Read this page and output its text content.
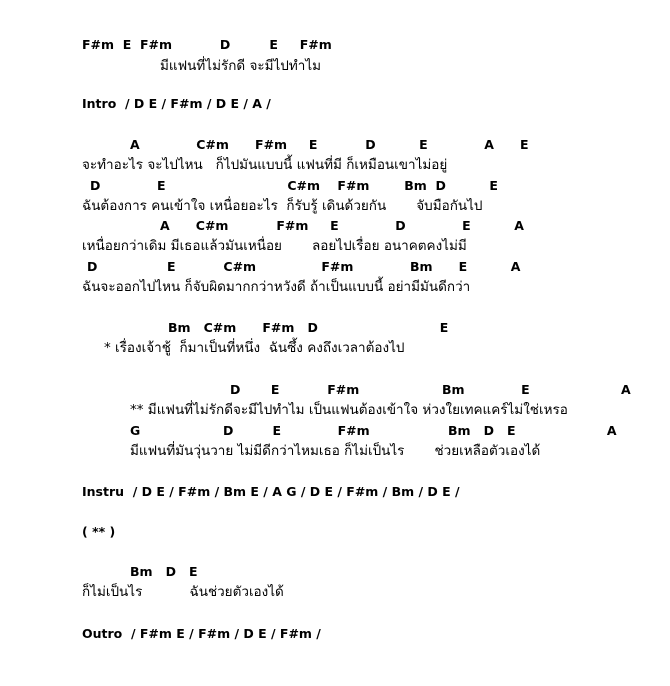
F#m  E  F#m           D         E     F#m
มีแฟนที่ไม่รักดี จะมีไปทำไม
Intro  / D E / F#m / D E / A /
A             C#m      F#m     E           D          E             A      E
จะทำอะไร จะไปไหน   ก็ไปมันแบบนี้ แฟนที่มี ก็เหมือนเขาไม่อยู่
D             E                            C#m    F#m        Bm  D          E
ฉันต้องการ คนเข้าใจ เหนื่อยอะไร  ก็รับรู้ เดินด้วยกัน       จับมือกันไป
A      C#m           F#m     E             D             E          A
เหนื่อยกว่าเดิม มีเธอแล้วมันเหนื่อย       ลอยไปเรื่อย อนาคตคงไม่มี
D                E           C#m               F#m             Bm      E          A
ฉันจะออกไปไหน ก็จับผิดมากกว่าหวังดี ถ้าเป็นแบบนี้ อย่ามีมันดีกว่า
Bm   C#m      F#m   D                            E
* เรื่องเจ้าชู้  ก็มาเป็นที่หนึ่ง  ฉันซึ้ง คงถึงเวลาต้องไป
D       E           F#m                   Bm             E                     A
** มีแฟนที่ไม่รักดีจะมีไปทำไม เป็นแฟนต้องเข้าใจ ห่วงใยเทคแคร์ไม่ใช่เหรอ
G                   D         E             F#m                  Bm   D   E                     A
มีแฟนที่มันวุ่นวาย ไม่มีดีกว่าไหมเธอ ก็ไม่เป็นไร       ช่วยเหลือตัวเองได้
Instru  / D E / F#m / Bm E / A G / D E / F#m / Bm / D E /
( ** )
Bm   D   E
ก็ไม่เป็นไร           ฉันช่วยตัวเองได้
Outro  / F#m E / F#m / D E / F#m /
